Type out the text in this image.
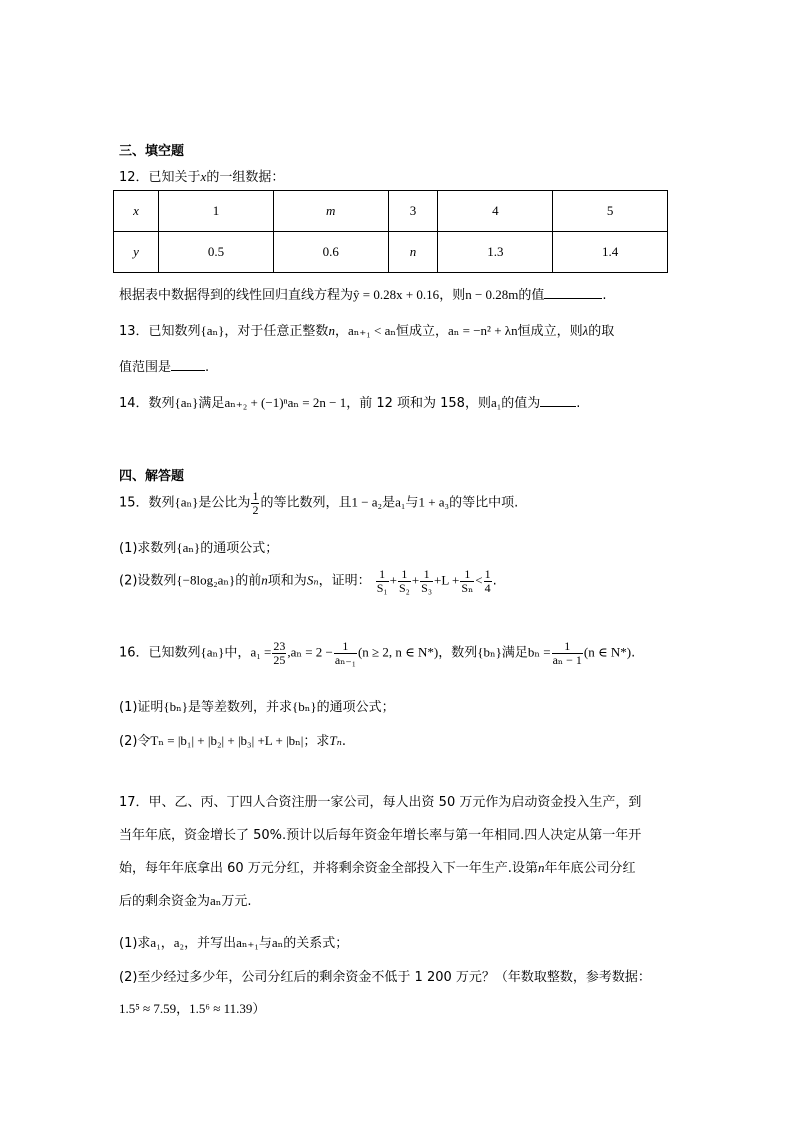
三、填空题
12．已知关于x的一组数据：
x	1	m	3	4	5
y	0.5	0.6	n	1.3	1.4
根据表中数据得到的线性回归直线方程为ŷ = 0.28x + 0.16，则n − 0.28m的值	.
13．已知数列{aₙ}，对于任意正整数n，aₙ₊₁ < aₙ恒成立，aₙ = −n² + λn恒成立，则λ的取
值范围是	.
14．数列{aₙ}满足aₙ₊₂ + (−1)ⁿaₙ = 2n − 1，前 12 项和为 158，则a₁的值为	.
四、解答题
15．数列{aₙ}是公比为 $\frac{1}{2}$ 的等比数列，且1 − a₂是a₁与1 + a₃的等比中项.
(1)求数列{aₙ}的通项公式；
(2)设数列{−8log₂aₙ}的前n项和为Sₙ，证明： $\frac{1}{\text{S₁}} + \frac{1}{\text{S₂}} + \frac{1}{\text{S₃}} +L + \frac{1}{\text{Sₙ}} < \frac{1}{4}$ .
16．已知数列{aₙ}中，$a_1 = \frac{23}{25} ,a_n = 2 - \frac{1}{\text{aₙ₋₁}} (n \ge 2$, n ∈ N*)，数列{bₙ}满足$b_n = \frac{1}{\text{aₙ − 1}} (n$ ∈ N*).
(1)证明{bₙ}是等差数列，并求{bₙ}的通项公式；
(2)令Tₙ = |b₁| + |b₂| + |b₃| +L + |bₙ|；求Tₙ.
17．甲、乙、丙、丁四人合资注册一家公司，每人出资 50 万元作为启动资金投入生产，到
当年年底，资金增长了 50%.预计以后每年资金年增长率与第一年相同.四人决定从第一年开
始，每年年底拿出 60 万元分红，并将剩余资金全部投入下一年生产.设第n年年底公司分红
后的剩余资金为aₙ万元.
(1)求a₁，a₂，并写出aₙ₊₁与aₙ的关系式；
(2)至少经过多少年，公司分红后的剩余资金不低于 1 200 万元？（年数取整数，参考数据：
1.5⁵ ≈ 7.59，1.5⁶ ≈ 11.39）
